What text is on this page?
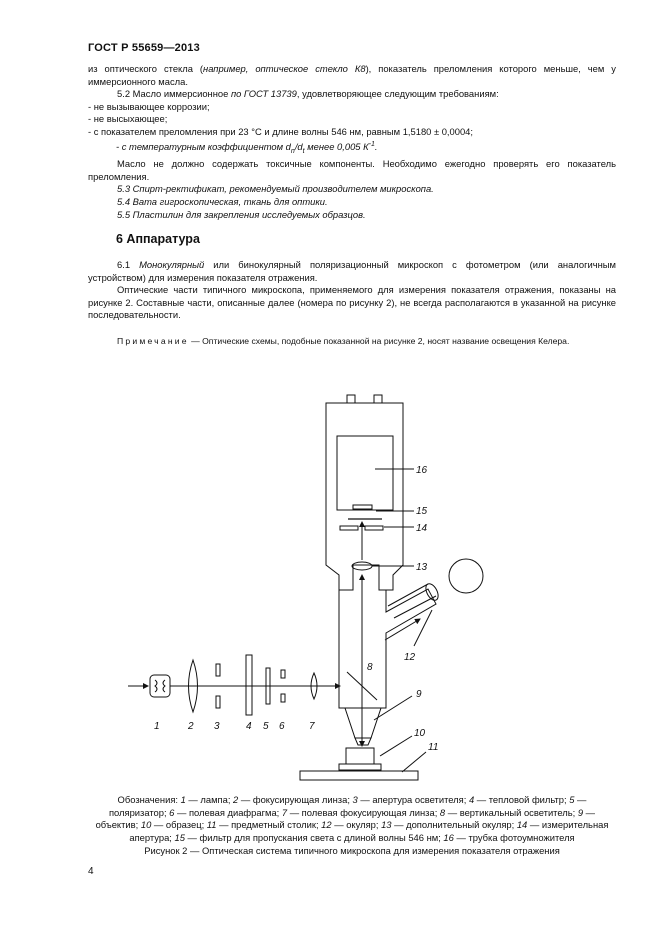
ГОСТ Р 55659—2013

из оптического стекла (например, оптическое стекло К8), показатель преломления которого меньше, чем у иммерсионного масла.

5.2 Масло иммерсионное по ГОСТ 13739, удовлетворяющее следующим требованиям:

- не вызывающее коррозии;

- не высыхающее;

- с показателем преломления при 23 °С и длине волны 546 нм, равным 1,5180 ± 0,0004;

- с температурным коэффициентом $d_n/d_t$ менее 0,005 $К^{-1}$.

Масло не должно содержать токсичные компоненты. Необходимо ежегодно проверять его показатель преломления.

5.3 Спирт-ректификат, рекомендуемый производителем микроскопа.

5.4 Вата гигроскопическая, ткань для оптики.

5.5 Пластилин для закрепления исследуемых образцов.

6 Аппаратура

6.1 Монокулярный или бинокулярный поляризационный микроскоп с фотометром (или аналогичным устройством) для измерения показателя отражения.

Оптические части типичного микроскопа, применяемого для измерения показателя отражения, показаны на рисунке 2. Составные части, описанные далее (номера по рисунку 2), не всегда располагаются в указанной на рисунке последовательности.

Примечание — Оптические схемы, подобные показанной на рисунке 2, носят название освещения Келера.

1	2 3	4 5 6 7
8
9
10
11
12
13
14
15
16

Обозначения: 1 — лампа; 2 — фокусирующая линза; 3 — апертура осветителя; 4 — тепловой фильтр; 5 — поляризатор; 6 — полевая диафрагма; 7 — полевая фокусирующая линза; 8 — вертикальный осветитель; 9 — объектив; 10 — образец; 11 — предметный столик; 12 — окуляр; 13 — дополнительный окуляр; 14 — измерительная апертура; 15 — фильтр для пропускания света с длиной волны 546 нм; 16 — трубка фотоумножителя

Рисунок 2 — Оптическая система типичного микроскопа для измерения показателя отражения

4
